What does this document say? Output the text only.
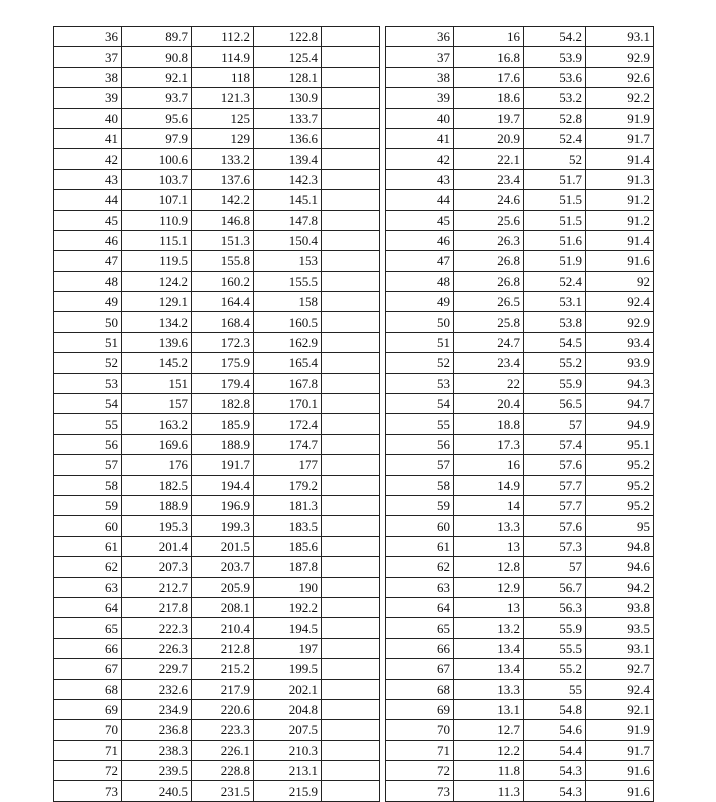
36	89.7	112.2	122.8	
37	90.8	114.9	125.4	
38	92.1	118	128.1	
39	93.7	121.3	130.9	
40	95.6	125	133.7	
41	97.9	129	136.6	
42	100.6	133.2	139.4	
43	103.7	137.6	142.3	
44	107.1	142.2	145.1	
45	110.9	146.8	147.8	
46	115.1	151.3	150.4	
47	119.5	155.8	153	
48	124.2	160.2	155.5	
49	129.1	164.4	158	
50	134.2	168.4	160.5	
51	139.6	172.3	162.9	
52	145.2	175.9	165.4	
53	151	179.4	167.8	
54	157	182.8	170.1	
55	163.2	185.9	172.4	
56	169.6	188.9	174.7	
57	176	191.7	177	
58	182.5	194.4	179.2	
59	188.9	196.9	181.3	
60	195.3	199.3	183.5	
61	201.4	201.5	185.6	
62	207.3	203.7	187.8	
63	212.7	205.9	190	
64	217.8	208.1	192.2	
65	222.3	210.4	194.5	
66	226.3	212.8	197	
67	229.7	215.2	199.5	
68	232.6	217.9	202.1	
69	234.9	220.6	204.8	
70	236.8	223.3	207.5	
71	238.3	226.1	210.3	
72	239.5	228.8	213.1	
73	240.5	231.5	215.9	
36	16	54.2	93.1
37	16.8	53.9	92.9
38	17.6	53.6	92.6
39	18.6	53.2	92.2
40	19.7	52.8	91.9
41	20.9	52.4	91.7
42	22.1	52	91.4
43	23.4	51.7	91.3
44	24.6	51.5	91.2
45	25.6	51.5	91.2
46	26.3	51.6	91.4
47	26.8	51.9	91.6
48	26.8	52.4	92
49	26.5	53.1	92.4
50	25.8	53.8	92.9
51	24.7	54.5	93.4
52	23.4	55.2	93.9
53	22	55.9	94.3
54	20.4	56.5	94.7
55	18.8	57	94.9
56	17.3	57.4	95.1
57	16	57.6	95.2
58	14.9	57.7	95.2
59	14	57.7	95.2
60	13.3	57.6	95
61	13	57.3	94.8
62	12.8	57	94.6
63	12.9	56.7	94.2
64	13	56.3	93.8
65	13.2	55.9	93.5
66	13.4	55.5	93.1
67	13.4	55.2	92.7
68	13.3	55	92.4
69	13.1	54.8	92.1
70	12.7	54.6	91.9
71	12.2	54.4	91.7
72	11.8	54.3	91.6
73	11.3	54.3	91.6
